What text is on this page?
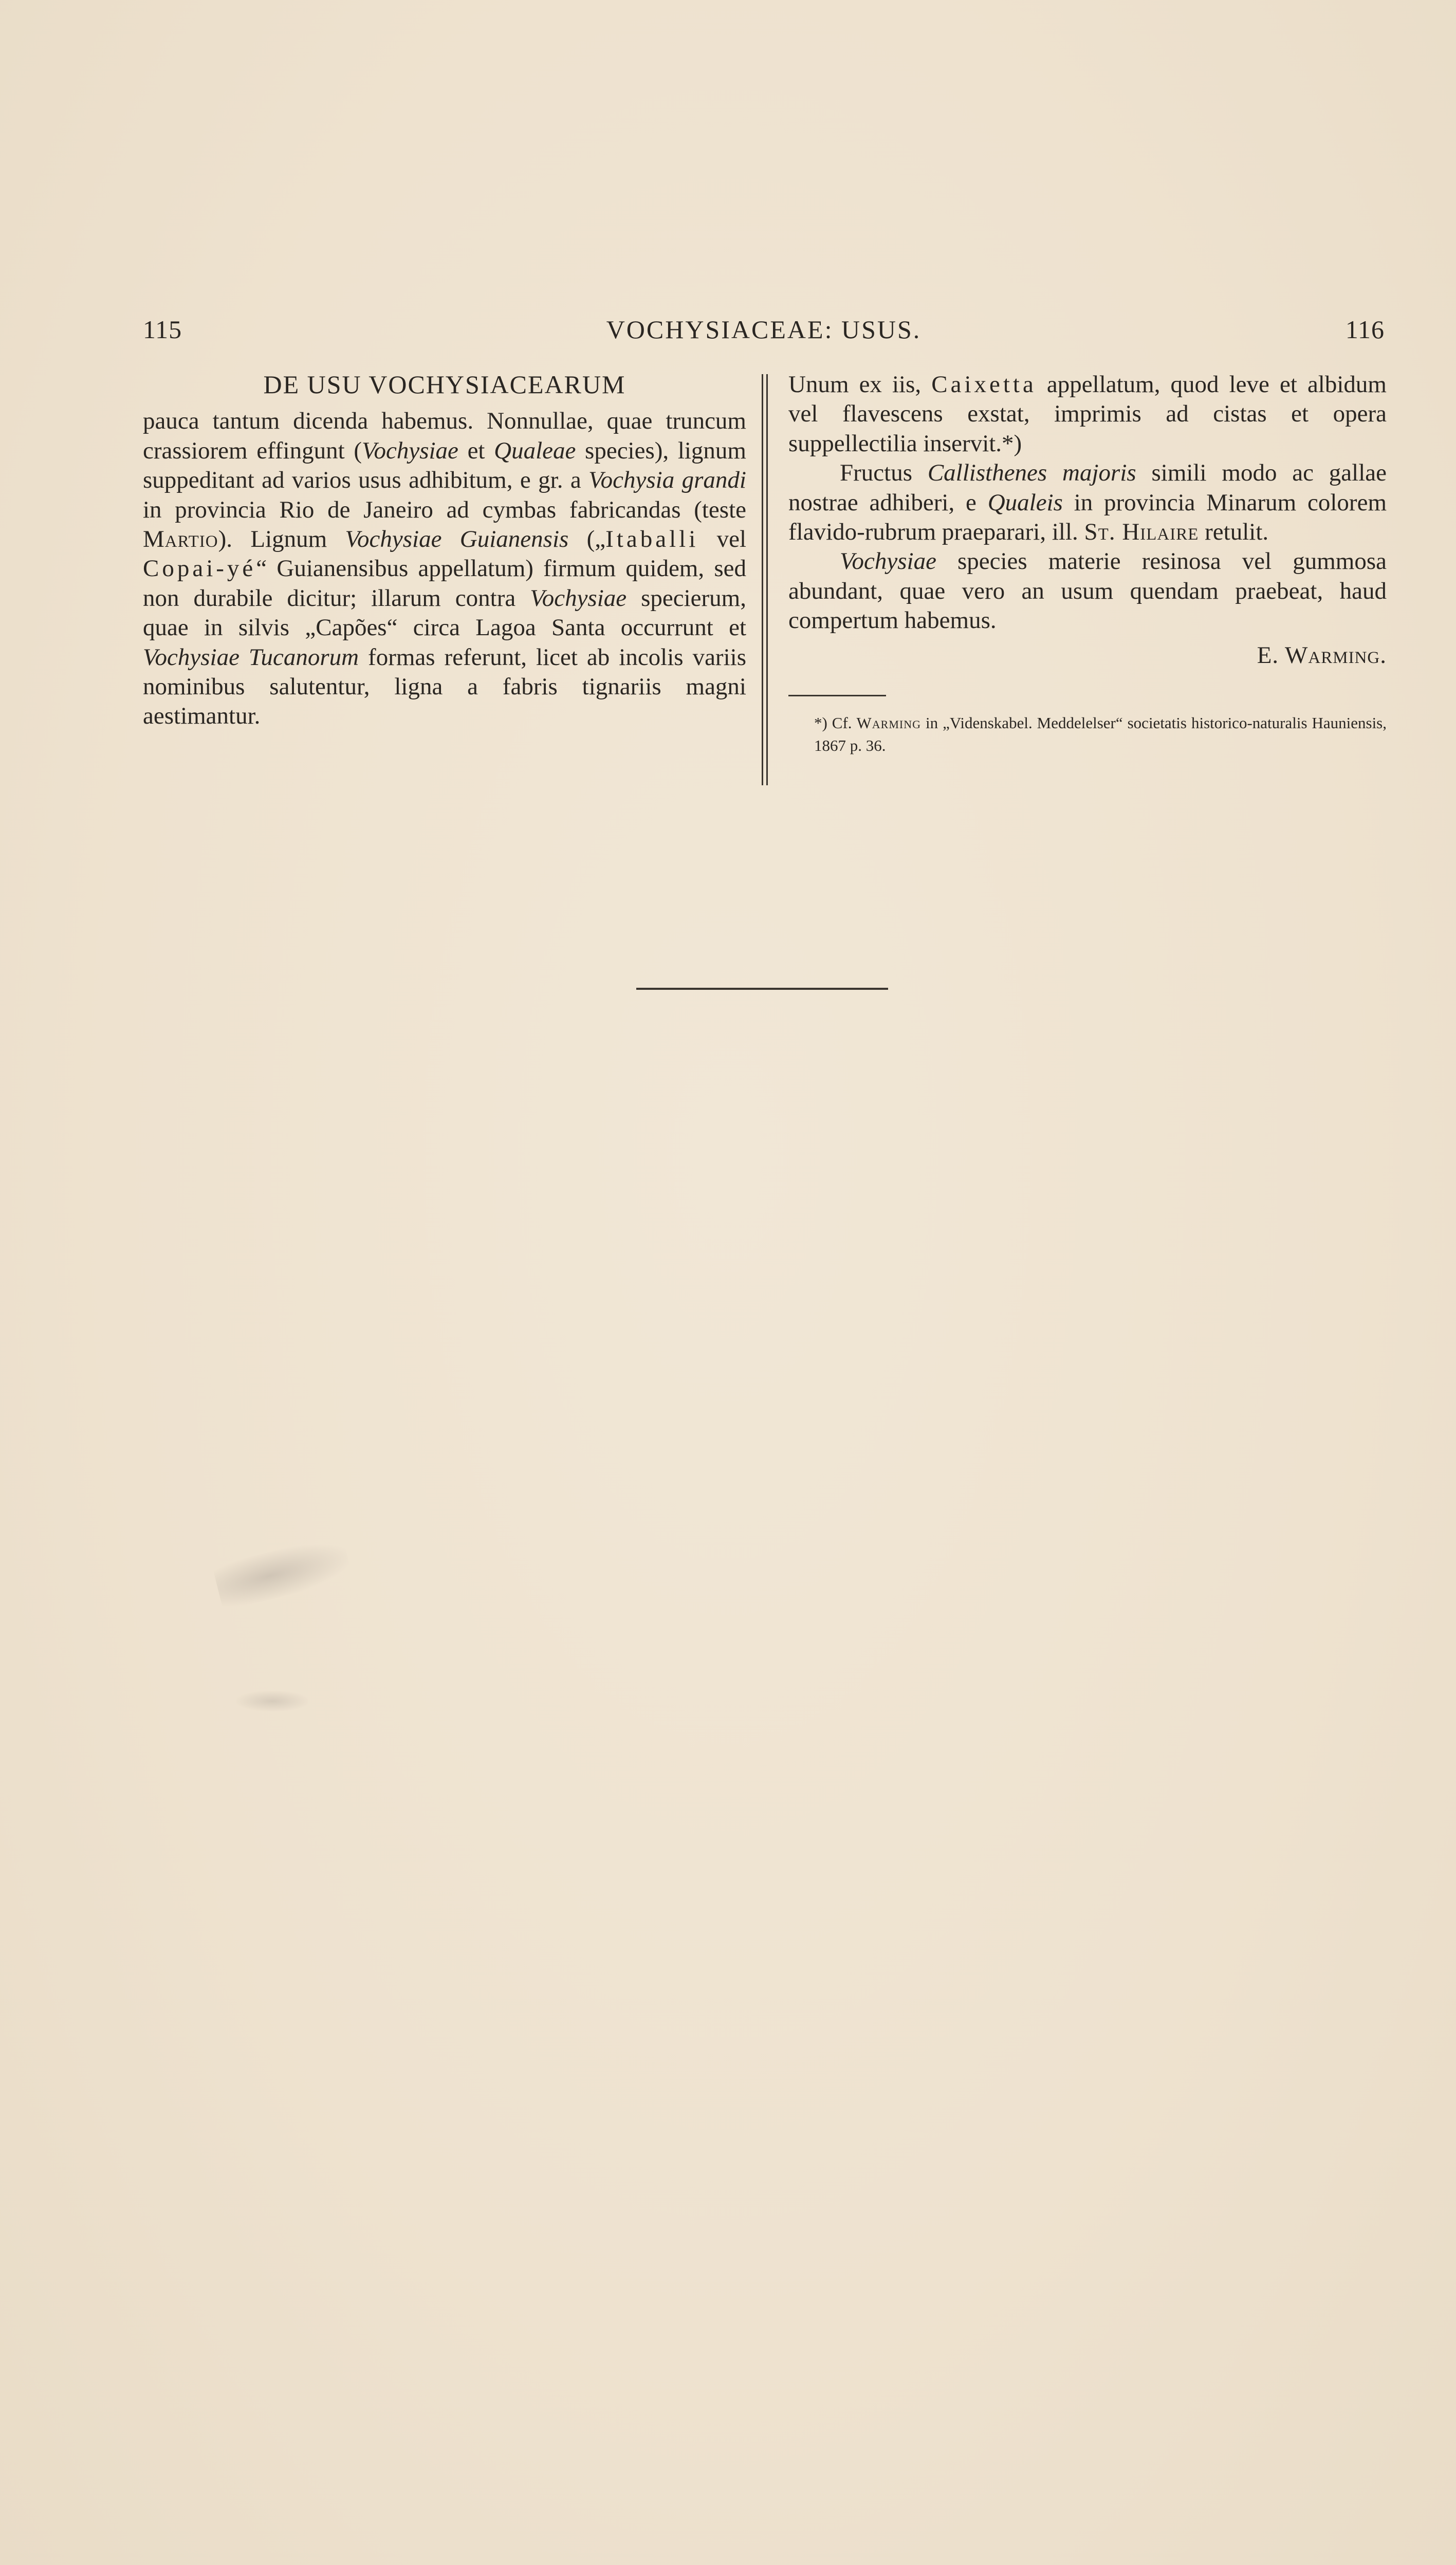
115	VOCHYSIACEAE: USUS.	116
DE USU VOCHYSIACEARUM

pauca tantum dicenda habemus. Nonnullae, quae truncum crassiorem effingunt (Vochysiae et Qualeae species), lignum suppeditant ad varios usus adhibitum, e gr. a Vochysia grandi in provincia Rio de Janeiro ad cymbas fabricandas (teste Martio). Lignum Vochysiae Guianensis („Itaballi vel Copai-yé“ Guianensibus appellatum) firmum quidem, sed non durabile dicitur; illarum contra Vochysiae specierum, quae in silvis „Capões“ circa Lagoa Santa occurrunt et Vochysiae Tucanorum formas referunt, licet ab incolis variis nominibus salutentur, ligna a fabris tignariis magni aestimantur.

Unum ex iis, Caixetta appellatum, quod leve et albidum vel flavescens exstat, imprimis ad cistas et opera suppellectilia inservit.*)

Fructus Callisthenes majoris simili modo ac gallae nostrae adhiberi, e Qualeis in provincia Minarum colorem flavido-rubrum praeparari, ill. St. Hilaire retulit.

Vochysiae species materie resinosa vel gummosa abundant, quae vero an usum quendam praebeat, haud compertum habemus.

E. Warming.

*) Cf. Warming in „Videnskabel. Meddelelser“ societatis historico-naturalis Hauniensis, 1867 p. 36.
